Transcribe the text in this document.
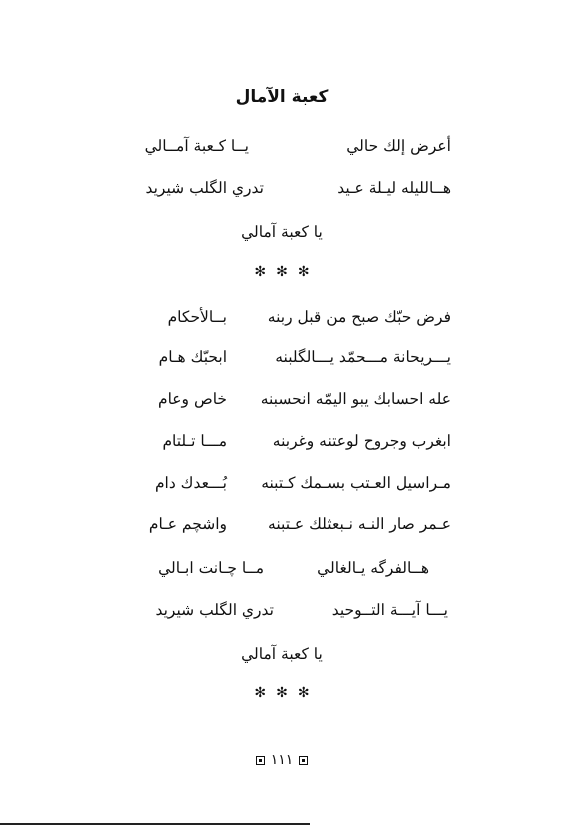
كعبة الآمال
أعرض إلك حالي
يــا كـعبة آمــالي
هــالليله ليـلة عـيد
تدري الگلب شيريد
يا كعبة آمالي
✻✻✻
فرض حبّك صبح من قبل ربنه
بــالأحكام
يـــريحانة مـــحمّد يـــالگلبنه
ابحبّك هـام
عله احسابك يبو اليمّه انحسبنه
خاص وعام
ابغرب وجروح لوعتنه وغربنه
مـــا تـلتام
مـراسيل العـتب بسـمك كـتبنه
بُـــعدك دام
عـمر صار النـه نـبعثلك عـتبنه
واشچم عـام
هــالفرگه يـالغالي
مــا چـانت ابـالي
يـــا آيـــة التــوحيد
تدري الگلب شيريد
يا كعبة آمالي
✻✻✻
١١١
